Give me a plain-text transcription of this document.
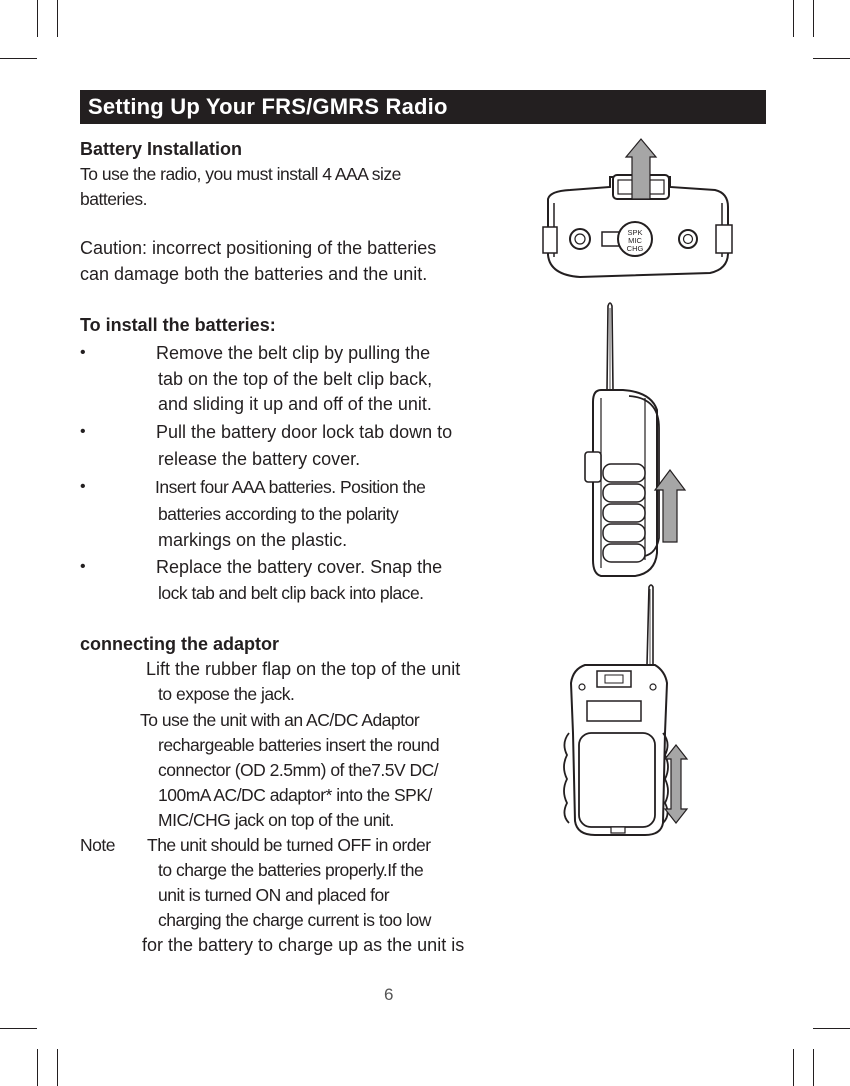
Setting Up Your FRS/GMRS Radio
Battery Installation
To use the radio, you must install 4 AAA size
batteries.
Caution: incorrect positioning of the batteries
can damage both the batteries and the unit.
To install the batteries:
•	Remove the belt clip by pulling the
tab on the top of the belt clip back,
and sliding it up and off of the unit.
•	Pull the battery door lock tab down to
release the battery cover.
•	Insert four AAA batteries. Position the
batteries according to the polarity
markings on the plastic.
•	Replace the battery cover. Snap the
lock tab and belt clip back into place.
connecting the adaptor
Lift the rubber flap on the top of the unit
to expose the jack.
To use the unit with an AC/DC Adaptor
rechargeable batteries insert the round
connector (OD 2.5mm) of the7.5V DC/
100mA AC/DC adaptor* into the SPK/
MIC/CHG jack on top of the unit.
Note The unit should be turned OFF in order
to charge the batteries properly.If the
unit is turned ON and placed for
charging the charge current is too low
for the battery to charge up as the unit is
6
SPK
MIC
CHG
